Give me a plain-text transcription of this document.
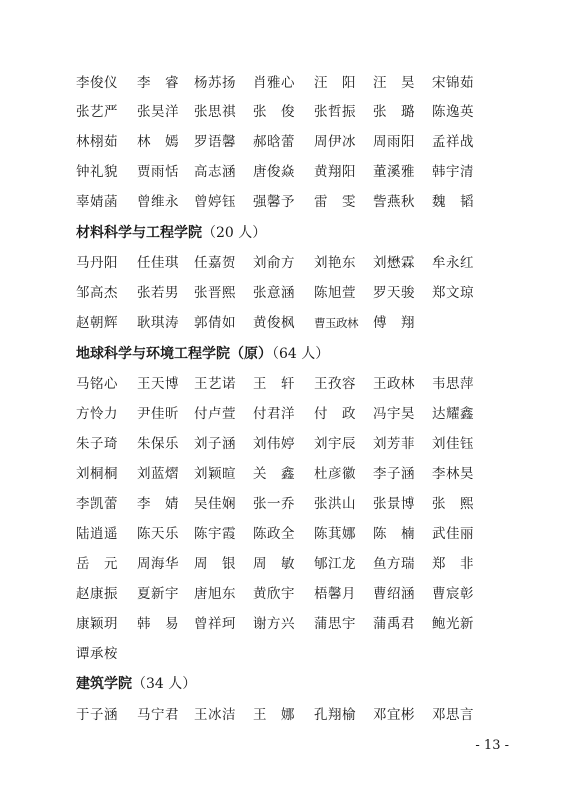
李俊仪 李　睿 杨苏扬 肖雅心 汪　阳 汪　昊 宋锦茹
张艺严 张昊洋 张思祺 张　俊 张哲振 张　璐 陈逸英
林栩茹 林　嫣 罗语馨 郝晗蕾 周伊冰 周雨阳 孟祥战
钟礼貌 贾雨恬 高志涵 唐俊焱 黄翔阳 董溪雅 韩宇清
辜婧菡 曾维永 曾婷钰 强馨予 雷　雯 訾燕秋 魏　韬
材料科学与工程学院（20 人）
马丹阳 任佳琪 任嘉贺 刘俞方 刘艳东 刘懋霖 牟永红
邹高杰 张若男 张晋熙 张意涵 陈旭萱 罗天骏 郑文琼
赵朝辉 耿琪涛 郭倩如 黄俊枫 曹玉政林 傅　翔
地球科学与环境工程学院（原）（64 人）
马铭心 王天博 王艺诺 王　轩 王孜容 王政林 韦思萍
方怜力 尹佳昕 付卢萱 付君洋 付　政 冯宇昊 达耀鑫
朱子琦 朱保乐 刘子涵 刘伟婷 刘宇辰 刘芳菲 刘佳钰
刘桐桐 刘蓝熠 刘颖暄 关　鑫 杜彦徽 李子涵 李林昊
李凯蕾 李　婧 吴佳娴 张一乔 张洪山 张景博 张　熙
陆逍遥 陈天乐 陈宇霞 陈政全 陈萁娜 陈　楠 武佳丽
岳　元 周海华 周　银 周　敏 郇江龙 鱼方瑞 郑　非
赵康振 夏新宇 唐旭东 黄欣宇 梧馨月 曹绍涵 曹宸彰
康颖玥 韩　易 曾祥珂 谢方兴 蒲思宇 蒲禹君 鲍光新
谭承桉
建筑学院（34 人）
于子涵 马宁君 王冰洁 王　娜 孔翔榆 邓宜彬 邓思言
- 13 -
